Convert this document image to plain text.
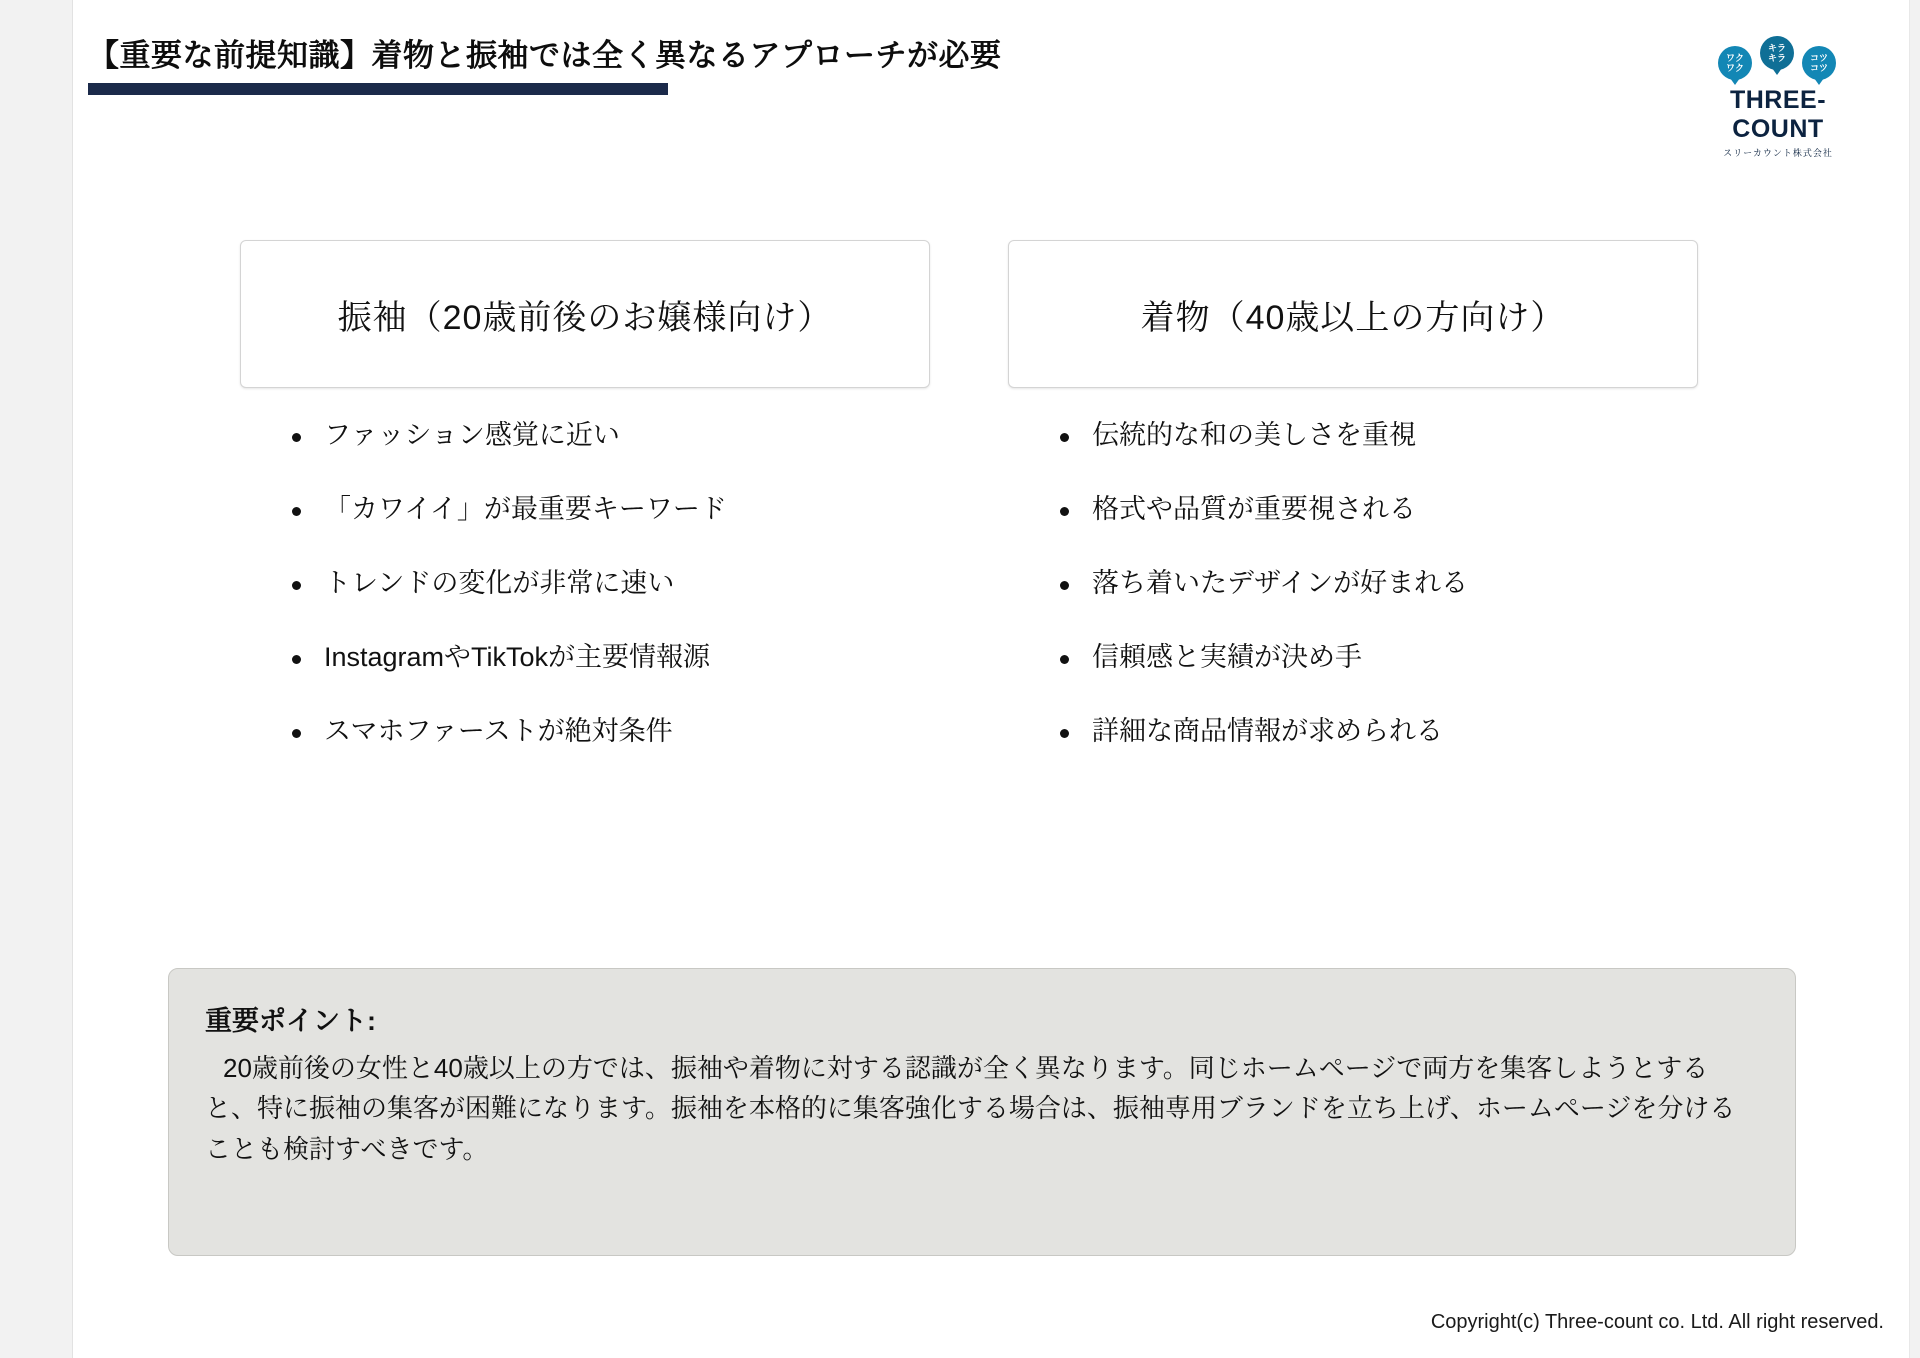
【重要な前提知識】着物と振袖では全く異なるアプローチが必要	ワク
ワク
キラ
キラ	コツ
コツ
THREE-COUNT
スリーカウント株式会社
振袖（20歳前後のお嬢様向け）
ファッション感覚に近い
「カワイイ」が最重要キーワード
トレンドの変化が非常に速い
InstagramやTikTokが主要情報源
スマホファーストが絶対条件
着物（40歳以上の方向け）
伝統的な和の美しさを重視
格式や品質が重要視される
落ち着いたデザインが好まれる
信頼感と実績が決め手
詳細な商品情報が求められる
重要ポイント:
20歳前後の女性と40歳以上の方では、振袖や着物に対する認識が全く異なります。同じホームページで両方を集客しようとすると、特に振袖の集客が困難になります。振袖を本格的に集客強化する場合は、振袖専用ブランドを立ち上げ、ホームページを分けることも検討すべきです。
Copyright(c) Three-count co. Ltd. All right reserved.
